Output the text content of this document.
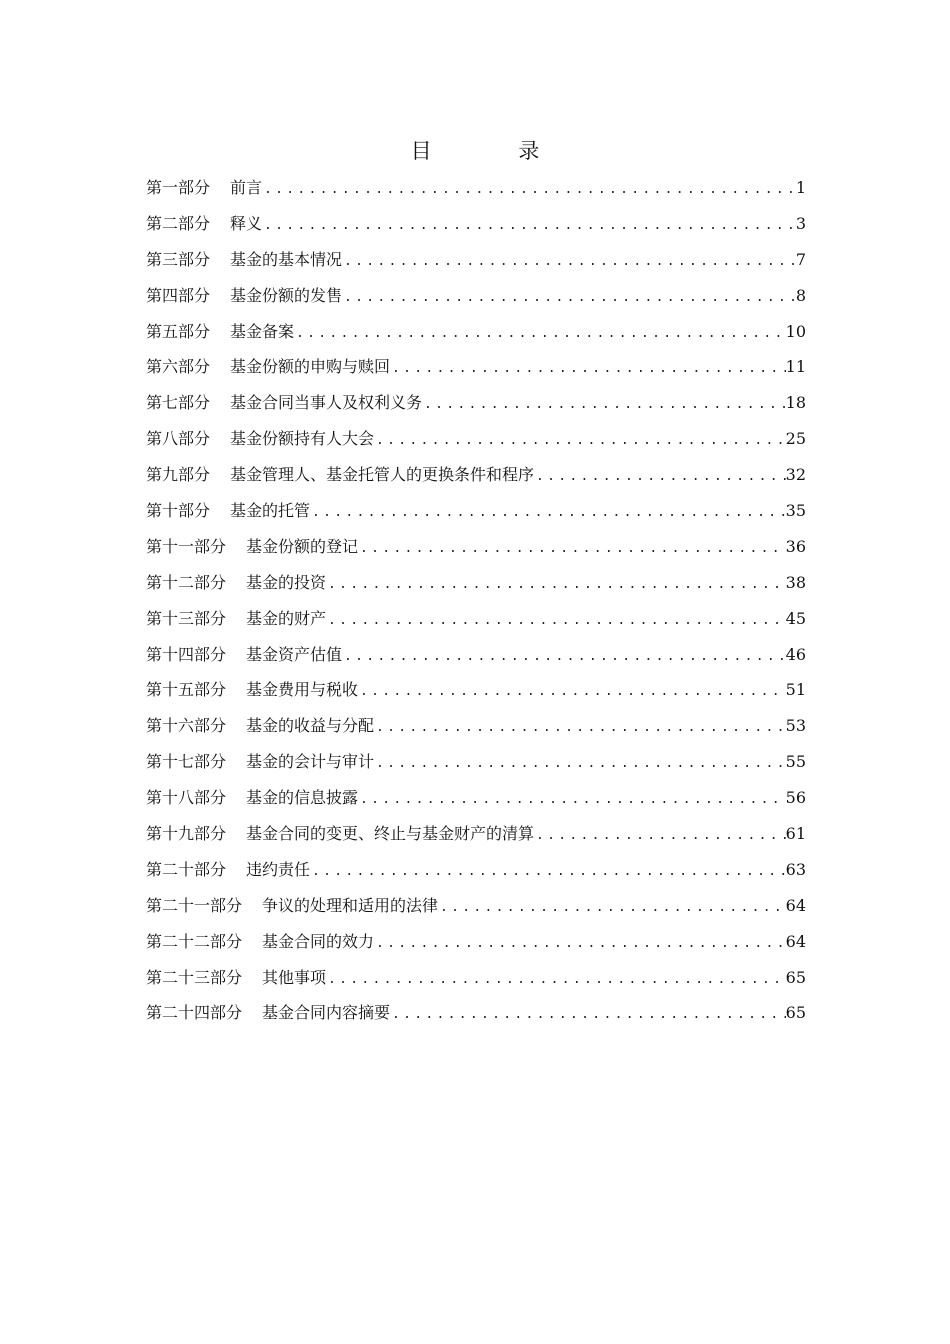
目 录
第一部分 前言 .....	1
第二部分 释义 .....	3
第三部分 基金的基本情况 .....	7
第四部分 基金份额的发售 .....	8
第五部分 基金备案 .....	10
第六部分 基金份额的申购与赎回 .....	11
第七部分 基金合同当事人及权利义务 .....	18
第八部分 基金份额持有人大会 .....	25
第九部分 基金管理人、基金托管人的更换条件和程序 .....	32
第十部分 基金的托管 .....	35
第十一部分 基金份额的登记 .....	36
第十二部分 基金的投资 .....	38
第十三部分 基金的财产 .....	45
第十四部分 基金资产估值 .....	46
第十五部分 基金费用与税收 .....	51
第十六部分 基金的收益与分配 .....	53
第十七部分 基金的会计与审计 .....	55
第十八部分 基金的信息披露 .....	56
第十九部分 基金合同的变更、终止与基金财产的清算 .....	61
第二十部分 违约责任 .....	63
第二十一部分 争议的处理和适用的法律 .....	64
第二十二部分 基金合同的效力 .....	64
第二十三部分 其他事项 .....	65
第二十四部分 基金合同内容摘要 .....	65
